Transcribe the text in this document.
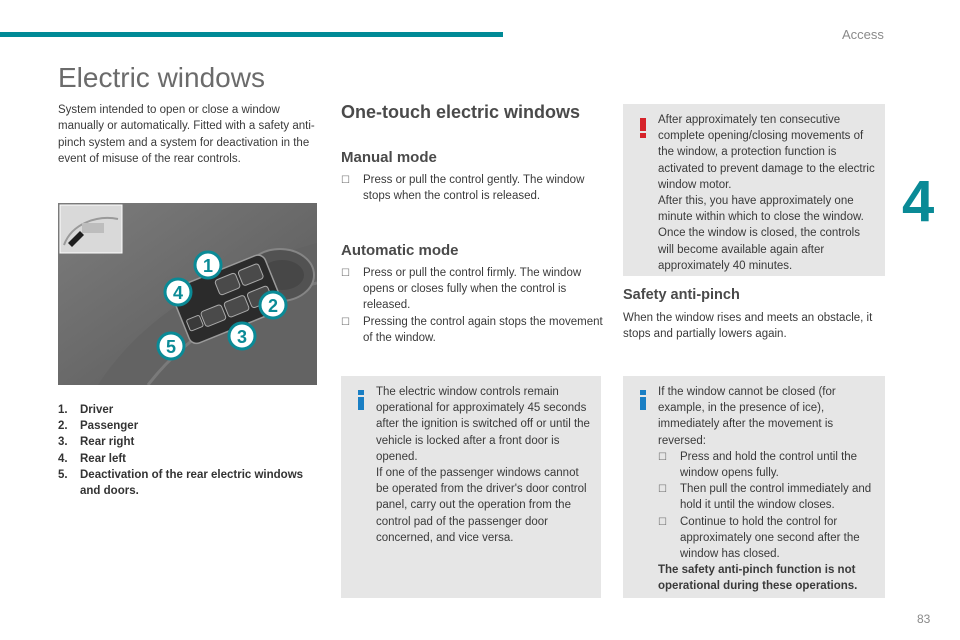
Access
4
83
Electric windows

System intended to open or close a window manually or automatically. Fitted with a safety anti-pinch system and a system for deactivation in the event of misuse of the rear controls.

1
2
3
4
5
1.	Driver
2.	Passenger
3.	Rear right
4.	Rear left
5.	Deactivation of the rear electric windows and doors.
One-touch electric windows
Manual mode
☐	Press or pull the control gently. The window stops when the control is released.
Automatic mode
☐	Press or pull the control firmly. The window opens or closes fully when the control is released.
☐	Pressing the control again stops the movement of the window.

The electric window controls remain operational for approximately 45 seconds after the ignition is switched off or until the vehicle is locked after a front door is opened.

If one of the passenger windows cannot be operated from the driver's door control panel, carry out the operation from the control pad of the passenger door concerned, and vice versa.

After approximately ten consecutive complete opening/closing movements of the window, a protection function is activated to prevent damage to the electric window motor.

After this, you have approximately one minute within which to close the window. Once the window is closed, the controls will become available again after approximately 40 minutes.

Safety anti-pinch

When the window rises and meets an obstacle, it stops and partially lowers again.

If the window cannot be closed (for example, in the presence of ice), immediately after the movement is reversed:

☐	Press and hold the control until the window opens fully.
☐	Then pull the control immediately and hold it until the window closes.
☐	Continue to hold the control for approximately one second after the window has closed.

The safety anti-pinch function is not operational during these operations.
